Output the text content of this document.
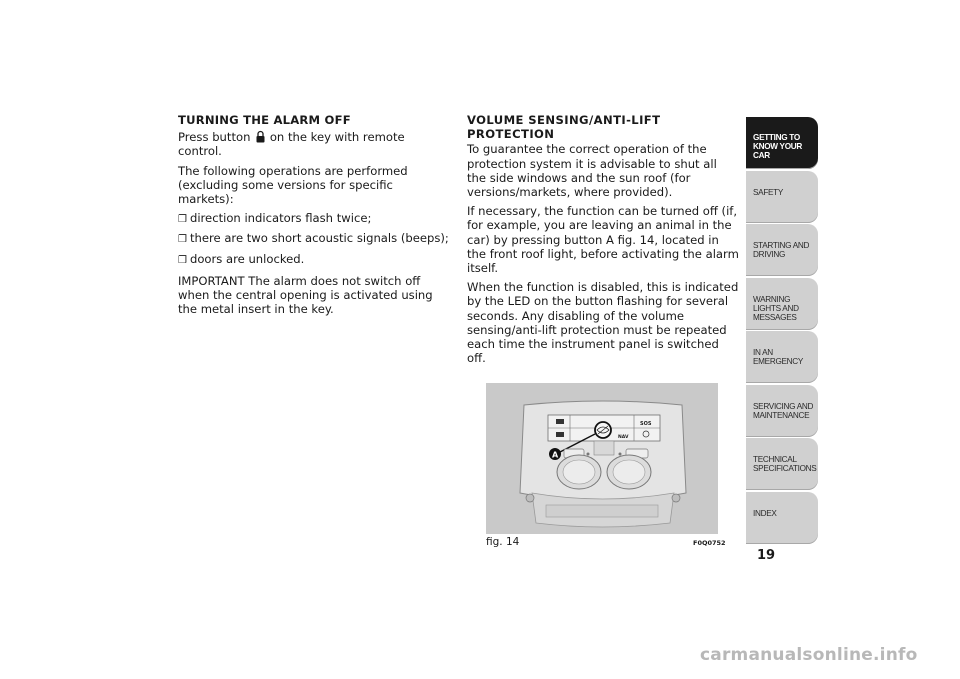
TURNING THE ALARM OFF

Press button on the key with remote control.

The following operations are performed (excluding some versions for specific markets):

❒ direction indicators flash twice;
❒ there are two short acoustic signals (beeps);
❒ doors are unlocked.

IMPORTANT The alarm does not switch off when the central opening is activated using the metal insert in the key.

VOLUME SENSING/ANTI-LIFT
PROTECTION

To guarantee the correct operation of the protection system it is advisable to shut all the side windows and the sun roof (for versions/markets, where provided).

If necessary, the function can be turned off (if, for example, you are leaving an animal in the car) by pressing button A fig. 14, located in the front roof light, before activating the alarm itself.

When the function is disabled, this is indicated by the LED on the button flashing for several seconds. Any disabling of the volume sensing/anti-lift protection must be repeated each time the instrument panel is switched off.

SOS
NAV
A
fig. 14	F0Q0752
GETTING TO KNOW YOUR CAR
SAFETY
STARTING AND DRIVING
WARNING LIGHTS AND MESSAGES
IN AN EMERGENCY
SERVICING AND MAINTENANCE
TECHNICAL SPECIFICATIONS
INDEX
19
carmanualsonline.info
